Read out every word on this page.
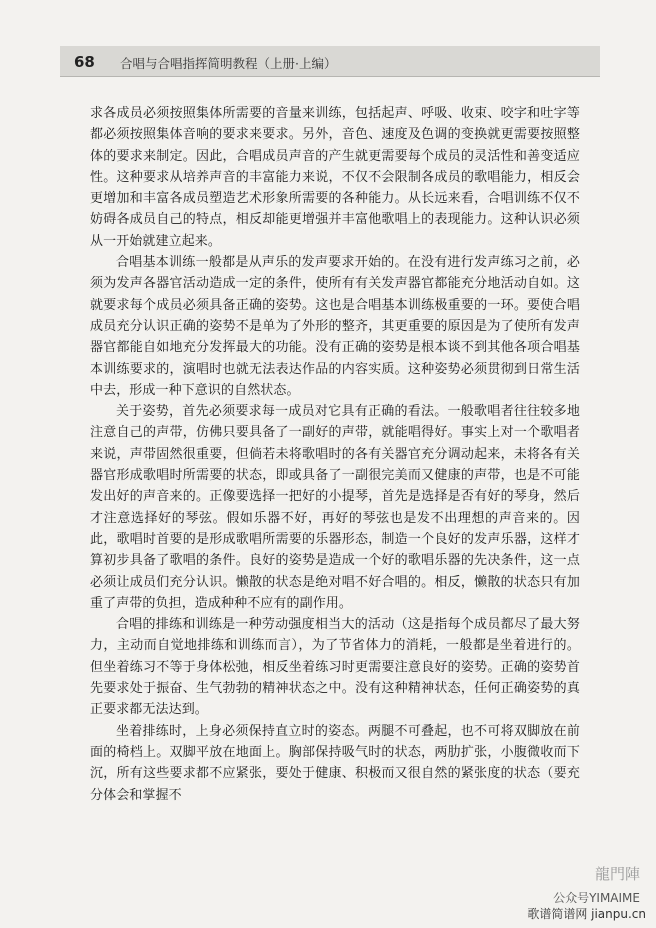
68 合唱与合唱指挥简明教程（上册·上编）

求各成员必须按照集体所需要的音量来训练，包括起声、呼吸、收束、咬字和吐字等都必须按照集体音响的要求来要求。另外，音色、速度及色调的变换就更需要按照整体的要求来制定。因此，合唱成员声音的产生就更需要每个成员的灵活性和善变适应性。这种要求从培养声音的丰富能力来说，不仅不会限制各成员的歌唱能力，相反会更增加和丰富各成员塑造艺术形象所需要的各种能力。从长远来看，合唱训练不仅不妨碍各成员自己的特点，相反却能更增强并丰富他歌唱上的表现能力。这种认识必须从一开始就建立起来。

合唱基本训练一般都是从声乐的发声要求开始的。在没有进行发声练习之前，必须为发声各器官活动造成一定的条件，使所有有关发声器官都能充分地活动自如。这就要求每个成员必须具备正确的姿势。这也是合唱基本训练极重要的一环。要使合唱成员充分认识正确的姿势不是单为了外形的整齐，其更重要的原因是为了使所有发声器官都能自如地充分发挥最大的功能。没有正确的姿势是根本谈不到其他各项合唱基本训练要求的，演唱时也就无法表达作品的内容实质。这种姿势必须贯彻到日常生活中去，形成一种下意识的自然状态。

关于姿势，首先必须要求每一成员对它具有正确的看法。一般歌唱者往往较多地注意自己的声带，仿佛只要具备了一副好的声带，就能唱得好。事实上对一个歌唱者来说，声带固然很重要，但倘若未将歌唱时的各有关器官充分调动起来，未将各有关器官形成歌唱时所需要的状态，即或具备了一副很完美而又健康的声带，也是不可能发出好的声音来的。正像要选择一把好的小提琴，首先是选择是否有好的琴身，然后才注意选择好的琴弦。假如乐器不好，再好的琴弦也是发不出理想的声音来的。因此，歌唱时首要的是形成歌唱所需要的乐器形态，制造一个良好的发声乐器，这样才算初步具备了歌唱的条件。良好的姿势是造成一个好的歌唱乐器的先决条件，这一点必须让成员们充分认识。懒散的状态是绝对唱不好合唱的。相反，懒散的状态只有加重了声带的负担，造成种种不应有的副作用。

合唱的排练和训练是一种劳动强度相当大的活动（这是指每个成员都尽了最大努力，主动而自觉地排练和训练而言），为了节省体力的消耗，一般都是坐着进行的。但坐着练习不等于身体松弛，相反坐着练习时更需要注意良好的姿势。正确的姿势首先要求处于振奋、生气勃勃的精神状态之中。没有这种精神状态，任何正确姿势的真正要求都无法达到。

坐着排练时，上身必须保持直立时的姿态。两腿不可叠起，也不可将双脚放在前面的椅档上。双脚平放在地面上。胸部保持吸气时的状态，两肋扩张，小腹微收而下沉，所有这些要求都不应紧张，要处于健康、积极而又很自然的紧张度的状态（要充分体会和掌握不

龍門陣
公众号YIMAIME
歌谱简谱网 jianpu.cn
